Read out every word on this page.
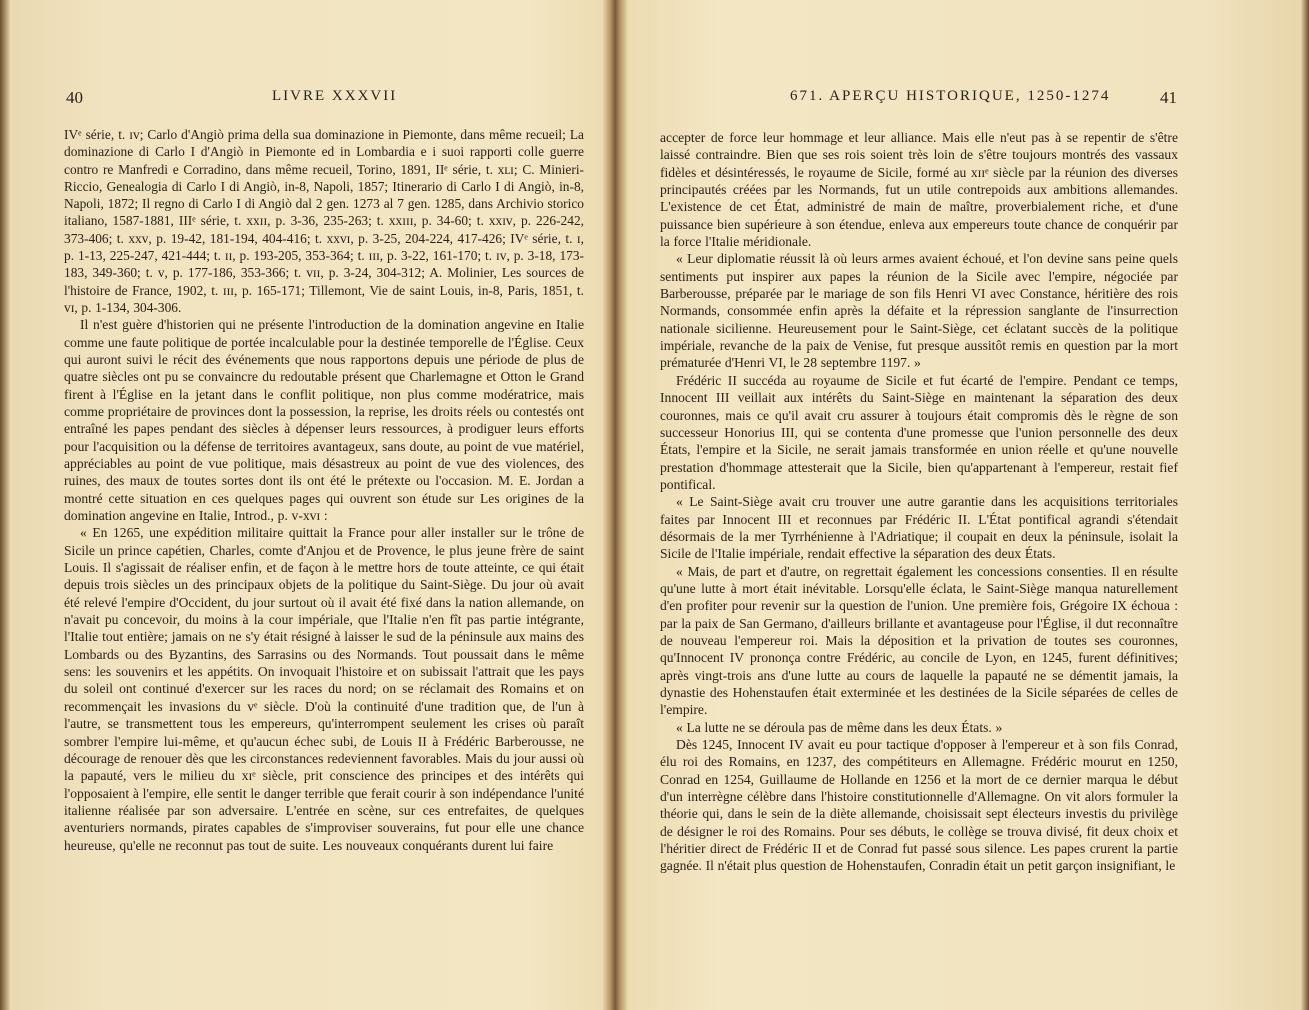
40	LIVRE XXXVII

IVᵉ série, t. ɪᴠ; Carlo d'Angiò prima della sua dominazione in Piemonte, dans même recueil; La dominazione di Carlo I d'Angiò in Piemonte ed in Lombardia e i suoi rapporti colle guerre contro re Manfredi e Corradino, dans même recueil, Torino, 1891, IIᵉ série, t. xʟɪ; C. Minieri-Riccio, Genealogia di Carlo I di Angiò, in-8, Napoli, 1857; Itinerario di Carlo I di Angiò, in-8, Napoli, 1872; Il regno di Carlo I di Angiò dal 2 gen. 1273 al 7 gen. 1285, dans Archivio storico italiano, 1587-1881, IIIᵉ série, t. xxɪɪ, p. 3-36, 235-263; t. xxɪɪɪ, p. 34-60; t. xxɪᴠ, p. 226-242, 373-406; t. xxᴠ, p. 19-42, 181-194, 404-416; t. xxᴠɪ, p. 3-25, 204-224, 417-426; IVᵉ série, t. ɪ, p. 1-13, 225-247, 421-444; t. ɪɪ, p. 193-205, 353-364; t. ɪɪɪ, p. 3-22, 161-170; t. ɪᴠ, p. 3-18, 173-183, 349-360; t. ᴠ, p. 177-186, 353-366; t. ᴠɪɪ, p. 3-24, 304-312; A. Molinier, Les sources de l'histoire de France, 1902, t. ɪɪɪ, p. 165-171; Tillemont, Vie de saint Louis, in-8, Paris, 1851, t. ᴠɪ, p. 1-134, 304-306.

Il n'est guère d'historien qui ne présente l'introduction de la domination angevine en Italie comme une faute politique de portée incalculable pour la destinée temporelle de l'Église. Ceux qui auront suivi le récit des événements que nous rapportons depuis une période de plus de quatre siècles ont pu se convaincre du redoutable présent que Charlemagne et Otton le Grand firent à l'Église en la jetant dans le conflit politique, non plus comme modératrice, mais comme propriétaire de provinces dont la possession, la reprise, les droits réels ou contestés ont entraîné les papes pendant des siècles à dépenser leurs ressources, à prodiguer leurs efforts pour l'acquisition ou la défense de territoires avantageux, sans doute, au point de vue matériel, appréciables au point de vue politique, mais désastreux au point de vue des violences, des ruines, des maux de toutes sortes dont ils ont été le prétexte ou l'occasion. M. E. Jordan a montré cette situation en ces quelques pages qui ouvrent son étude sur Les origines de la domination angevine en Italie, Introd., p. ᴠ-xᴠɪ :

« En 1265, une expédition militaire quittait la France pour aller installer sur le trône de Sicile un prince capétien, Charles, comte d'Anjou et de Provence, le plus jeune frère de saint Louis. Il s'agissait de réaliser enfin, et de façon à le mettre hors de toute atteinte, ce qui était depuis trois siècles un des principaux objets de la politique du Saint-Siège. Du jour où avait été relevé l'empire d'Occident, du jour surtout où il avait été fixé dans la nation allemande, on n'avait pu concevoir, du moins à la cour impériale, que l'Italie n'en fît pas partie intégrante, l'Italie tout entière; jamais on ne s'y était résigné à laisser le sud de la péninsule aux mains des Lombards ou des Byzantins, des Sarrasins ou des Normands. Tout poussait dans le même sens: les souvenirs et les appétits. On invoquait l'histoire et on subissait l'attrait que les pays du soleil ont continué d'exercer sur les races du nord; on se réclamait des Romains et on recommençait les invasions du vᵉ siècle. D'où la continuité d'une tradition que, de l'un à l'autre, se transmettent tous les empereurs, qu'interrompent seulement les crises où paraît sombrer l'empire lui-même, et qu'aucun échec subi, de Louis II à Frédéric Barberousse, ne décourage de renouer dès que les circonstances redeviennent favorables. Mais du jour aussi où la papauté, vers le milieu du xɪᵉ siècle, prit conscience des principes et des intérêts qui l'opposaient à l'empire, elle sentit le danger terrible que ferait courir à son indépendance l'unité italienne réalisée par son adversaire. L'entrée en scène, sur ces entrefaites, de quelques aventuriers normands, pirates capables de s'improviser souverains, fut pour elle une chance heureuse, qu'elle ne reconnut pas tout de suite. Les nouveaux conquérants durent lui faire

671. APERÇU HISTORIQUE, 1250-1274	41

accepter de force leur hommage et leur alliance. Mais elle n'eut pas à se repentir de s'être laissé contraindre. Bien que ses rois soient très loin de s'être toujours montrés des vassaux fidèles et désintéressés, le royaume de Sicile, formé au xɪɪᵉ siècle par la réunion des diverses principautés créées par les Normands, fut un utile contrepoids aux ambitions allemandes. L'existence de cet État, administré de main de maître, proverbialement riche, et d'une puissance bien supérieure à son étendue, enleva aux empereurs toute chance de conquérir par la force l'Italie méridionale.

« Leur diplomatie réussit là où leurs armes avaient échoué, et l'on devine sans peine quels sentiments put inspirer aux papes la réunion de la Sicile avec l'empire, négociée par Barberousse, préparée par le mariage de son fils Henri VI avec Constance, héritière des rois Normands, consommée enfin après la défaite et la répression sanglante de l'insurrection nationale sicilienne. Heureusement pour le Saint-Siège, cet éclatant succès de la politique impériale, revanche de la paix de Venise, fut presque aussitôt remis en question par la mort prématurée d'Henri VI, le 28 septembre 1197. »

Frédéric II succéda au royaume de Sicile et fut écarté de l'empire. Pendant ce temps, Innocent III veillait aux intérêts du Saint-Siège en maintenant la séparation des deux couronnes, mais ce qu'il avait cru assurer à toujours était compromis dès le règne de son successeur Honorius III, qui se contenta d'une promesse que l'union personnelle des deux États, l'empire et la Sicile, ne serait jamais transformée en union réelle et qu'une nouvelle prestation d'hommage attesterait que la Sicile, bien qu'appartenant à l'empereur, restait fief pontifical.

« Le Saint-Siège avait cru trouver une autre garantie dans les acquisitions territoriales faites par Innocent III et reconnues par Frédéric II. L'État pontifical agrandi s'étendait désormais de la mer Tyrrhénienne à l'Adriatique; il coupait en deux la péninsule, isolait la Sicile de l'Italie impériale, rendait effective la séparation des deux États.

« Mais, de part et d'autre, on regrettait également les concessions consenties. Il en résulte qu'une lutte à mort était inévitable. Lorsqu'elle éclata, le Saint-Siège manqua naturellement d'en profiter pour revenir sur la question de l'union. Une première fois, Grégoire IX échoua : par la paix de San Germano, d'ailleurs brillante et avantageuse pour l'Église, il dut reconnaître de nouveau l'empereur roi. Mais la déposition et la privation de toutes ses couronnes, qu'Innocent IV prononça contre Frédéric, au concile de Lyon, en 1245, furent définitives; après vingt-trois ans d'une lutte au cours de laquelle la papauté ne se démentit jamais, la dynastie des Hohenstaufen était exterminée et les destinées de la Sicile séparées de celles de l'empire.

« La lutte ne se déroula pas de même dans les deux États. »

Dès 1245, Innocent IV avait eu pour tactique d'opposer à l'empereur et à son fils Conrad, élu roi des Romains, en 1237, des compétiteurs en Allemagne. Frédéric mourut en 1250, Conrad en 1254, Guillaume de Hollande en 1256 et la mort de ce dernier marqua le début d'un interrègne célèbre dans l'histoire constitutionnelle d'Allemagne. On vit alors formuler la théorie qui, dans le sein de la diète allemande, choisissait sept électeurs investis du privilège de désigner le roi des Romains. Pour ses débuts, le collège se trouva divisé, fit deux choix et l'héritier direct de Frédéric II et de Conrad fut passé sous silence. Les papes crurent la partie gagnée. Il n'était plus question de Hohenstaufen, Conradin était un petit garçon insignifiant, le
